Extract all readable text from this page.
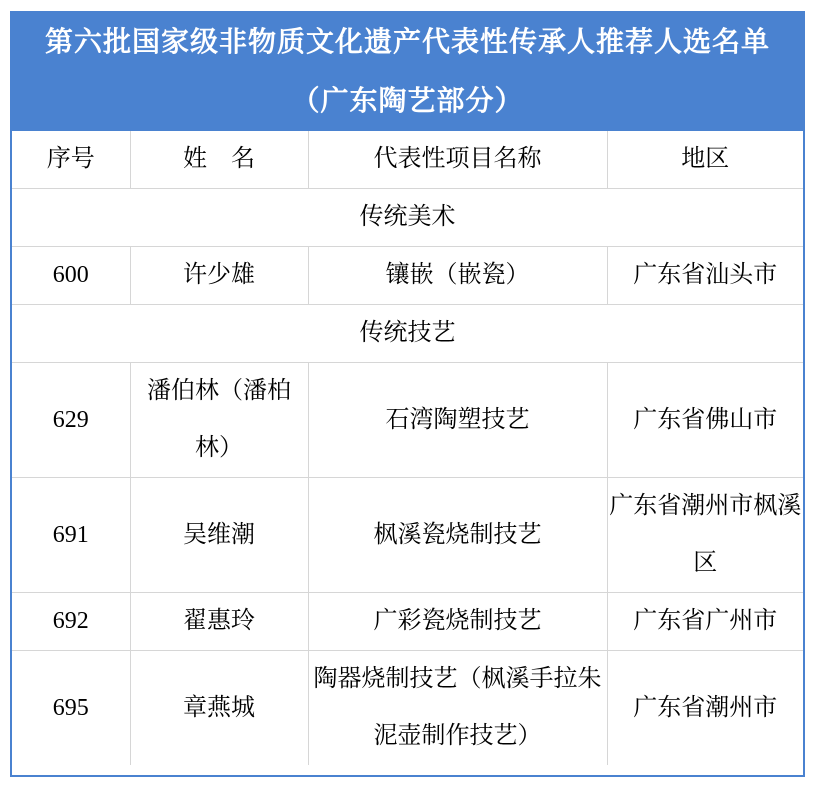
第六批国家级非物质文化遗产代表性传承人推荐人选名单
（广东陶艺部分）
序号	姓　名	代表性项目名称	地区
传统美术			
600	许少雄	镶嵌（嵌瓷）	广东省汕头市
传统技艺			
629	潘伯林（潘柏林）	石湾陶塑技艺	广东省佛山市
691	吴维潮	枫溪瓷烧制技艺	广东省潮州市枫溪区
692	翟惠玲	广彩瓷烧制技艺	广东省广州市
695	章燕城	陶器烧制技艺（枫溪手拉朱泥壶制作技艺）	广东省潮州市
